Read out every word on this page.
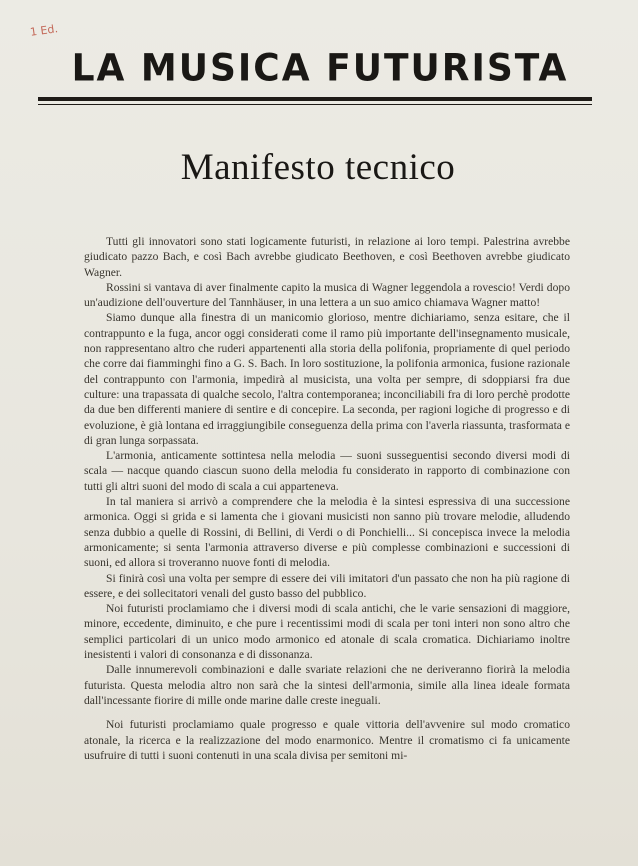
1 Ed.
LA MUSICA FUTURISTA
Manifesto tecnico

Tutti gli innovatori sono stati logicamente futuristi, in relazione ai loro tempi. Palestrina avrebbe giudicato pazzo Bach, e così Bach avrebbe giudicato Beethoven, e così Beethoven avrebbe giudicato Wagner.

Rossini si vantava di aver finalmente capito la musica di Wagner leggendola a rovescio! Verdi dopo un'audizione dell'ouverture del Tannhäuser, in una lettera a un suo amico chiamava Wagner matto!

Siamo dunque alla finestra di un manicomio glorioso, mentre dichiariamo, senza esitare, che il contrappunto e la fuga, ancor oggi considerati come il ramo più importante dell'insegnamento musicale, non rappresentano altro che ruderi appartenenti alla storia della polifonia, propriamente di quel periodo che corre dai fiamminghi fino a G. S. Bach. In loro sostituzione, la polifonia armonica, fusione razionale del contrappunto con l'armonia, impedirà al musicista, una volta per sempre, di sdoppiarsi fra due culture: una trapassata di qualche secolo, l'altra contemporanea; inconciliabili fra di loro perchè prodotte da due ben differenti maniere di sentire e di concepire. La seconda, per ragioni logiche di progresso e di evoluzione, è già lontana ed irraggiungibile conseguenza della prima con l'averla riassunta, trasformata e di gran lunga sorpassata.

L'armonia, anticamente sottintesa nella melodia — suoni susseguentisi secondo diversi modi di scala — nacque quando ciascun suono della melodia fu considerato in rapporto di combinazione con tutti gli altri suoni del modo di scala a cui apparteneva.

In tal maniera si arrivò a comprendere che la melodia è la sintesi espressiva di una successione armonica. Oggi si grida e si lamenta che i giovani musicisti non sanno più trovare melodie, alludendo senza dubbio a quelle di Rossini, di Bellini, di Verdi o di Ponchielli... Si concepisca invece la melodia armonicamente; si senta l'armonia attraverso diverse e più complesse combinazioni e successioni di suoni, ed allora si troveranno nuove fonti di melodia.

Si finirà così una volta per sempre di essere dei vili imitatori d'un passato che non ha più ragione di essere, e dei sollecitatori venali del gusto basso del pubblico.

Noi futuristi proclamiamo che i diversi modi di scala antichi, che le varie sensazioni di maggiore, minore, eccedente, diminuito, e che pure i recentissimi modi di scala per toni interi non sono altro che semplici particolari di un unico modo armonico ed atonale di scala cromatica. Dichiariamo inoltre inesistenti i valori di consonanza e di dissonanza.

Dalle innumerevoli combinazioni e dalle svariate relazioni che ne deriveranno fiorirà la melodia futurista. Questa melodia altro non sarà che la sintesi dell'armonia, simile alla linea ideale formata dall'incessante fiorire di mille onde marine dalle creste ineguali.

Noi futuristi proclamiamo quale progresso e quale vittoria dell'avvenire sul modo cromatico atonale, la ricerca e la realizzazione del modo enarmonico. Mentre il cromatismo ci fa unicamente usufruire di tutti i suoni contenuti in una scala divisa per semitoni mi-
